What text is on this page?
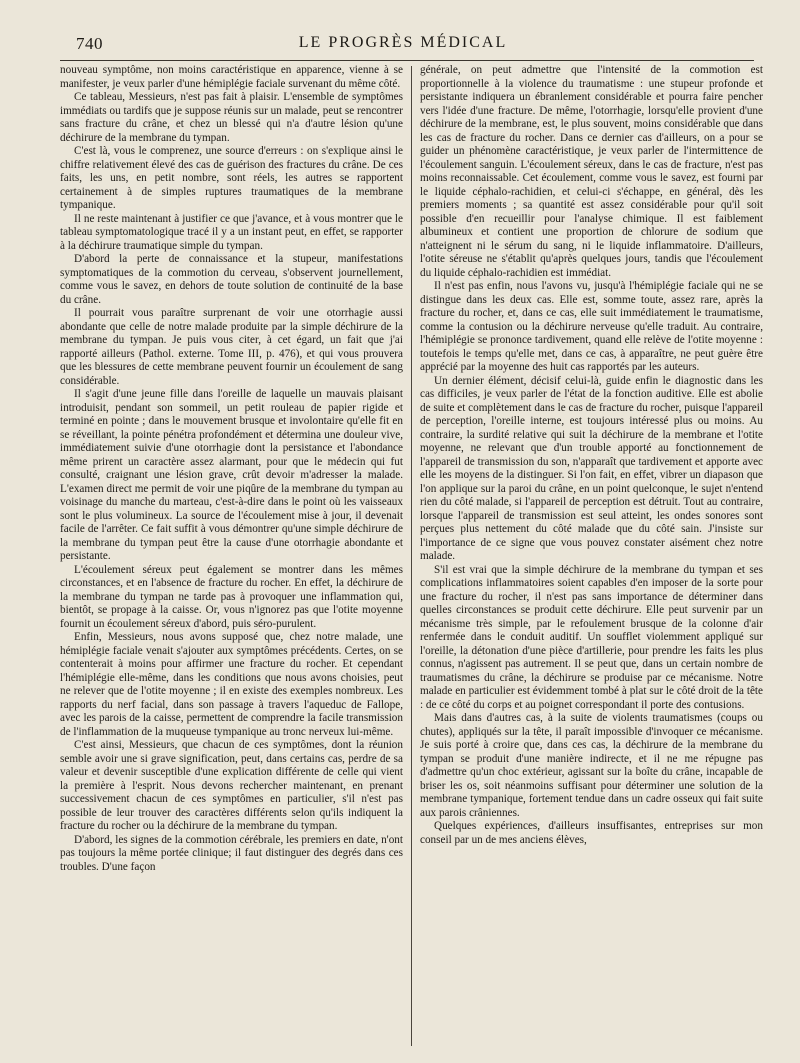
740	LE PROGRÈS MÉDICAL

nouveau symptôme, non moins caractéristique en apparence, vienne à se manifester, je veux parler d'une hémiplégie faciale survenant du même côté.

Ce tableau, Messieurs, n'est pas fait à plaisir. L'ensemble de symptômes immédiats ou tardifs que je suppose réunis sur un malade, peut se rencontrer sans fracture du crâne, et chez un blessé qui n'a d'autre lésion qu'une déchirure de la membrane du tympan.

C'est là, vous le comprenez, une source d'erreurs : on s'explique ainsi le chiffre relativement élevé des cas de guérison des fractures du crâne. De ces faits, les uns, en petit nombre, sont réels, les autres se rapportent certainement à de simples ruptures traumatiques de la membrane tympanique.

Il ne reste maintenant à justifier ce que j'avance, et à vous montrer que le tableau symptomatologique tracé il y a un instant peut, en effet, se rapporter à la déchirure traumatique simple du tympan.

D'abord la perte de connaissance et la stupeur, manifestations symptomatiques de la commotion du cerveau, s'observent journellement, comme vous le savez, en dehors de toute solution de continuité de la base du crâne.

Il pourrait vous paraître surprenant de voir une otorrhagie aussi abondante que celle de notre malade produite par la simple déchirure de la membrane du tympan. Je puis vous citer, à cet égard, un fait que j'ai rapporté ailleurs (Pathol. externe. Tome III, p. 476), et qui vous prouvera que les blessures de cette membrane peuvent fournir un écoulement de sang considérable.

Il s'agit d'une jeune fille dans l'oreille de laquelle un mauvais plaisant introduisit, pendant son sommeil, un petit rouleau de papier rigide et terminé en pointe ; dans le mouvement brusque et involontaire qu'elle fit en se réveillant, la pointe pénétra profondément et détermina une douleur vive, immédiatement suivie d'une otorrhagie dont la persistance et l'abondance même prirent un caractère assez alarmant, pour que le médecin qui fut consulté, craignant une lésion grave, crût devoir m'adresser la malade. L'examen direct me permit de voir une piqûre de la membrane du tympan au voisinage du manche du marteau, c'est-à-dire dans le point où les vaisseaux sont le plus volumineux. La source de l'écoulement mise à jour, il devenait facile de l'arrêter. Ce fait suffit à vous démontrer qu'une simple déchirure de la membrane du tympan peut être la cause d'une otorrhagie abondante et persistante.

L'écoulement séreux peut également se montrer dans les mêmes circonstances, et en l'absence de fracture du rocher. En effet, la déchirure de la membrane du tympan ne tarde pas à provoquer une inflammation qui, bientôt, se propage à la caisse. Or, vous n'ignorez pas que l'otite moyenne fournit un écoulement séreux d'abord, puis séro-purulent.

Enfin, Messieurs, nous avons supposé que, chez notre malade, une hémiplégie faciale venait s'ajouter aux symptômes précédents. Certes, on se contenterait à moins pour affirmer une fracture du rocher. Et cependant l'hémiplégie elle-même, dans les conditions que nous avons choisies, peut ne relever que de l'otite moyenne ; il en existe des exemples nombreux. Les rapports du nerf facial, dans son passage à travers l'aqueduc de Fallope, avec les parois de la caisse, permettent de comprendre la facile transmission de l'inflammation de la muqueuse tympanique au tronc nerveux lui-même.

C'est ainsi, Messieurs, que chacun de ces symptômes, dont la réunion semble avoir une si grave signification, peut, dans certains cas, perdre de sa valeur et devenir susceptible d'une explication différente de celle qui vient la première à l'esprit. Nous devons rechercher maintenant, en prenant successivement chacun de ces symptômes en particulier, s'il n'est pas possible de leur trouver des caractères différents selon qu'ils indiquent la fracture du rocher ou la déchirure de la membrane du tympan.

D'abord, les signes de la commotion cérébrale, les premiers en date, n'ont pas toujours la même portée clinique; il faut distinguer des degrés dans ces troubles. D'une façon

générale, on peut admettre que l'intensité de la commotion est proportionnelle à la violence du traumatisme : une stupeur profonde et persistante indiquera un ébranlement considérable et pourra faire pencher vers l'idée d'une fracture. De même, l'otorrhagie, lorsqu'elle provient d'une déchirure de la membrane, est, le plus souvent, moins considérable que dans les cas de fracture du rocher. Dans ce dernier cas d'ailleurs, on a pour se guider un phénomène caractéristique, je veux parler de l'intermittence de l'écoulement sanguin. L'écoulement séreux, dans le cas de fracture, n'est pas moins reconnaissable. Cet écoulement, comme vous le savez, est fourni par le liquide céphalo-rachidien, et celui-ci s'échappe, en général, dès les premiers moments ; sa quantité est assez considérable pour qu'il soit possible d'en recueillir pour l'analyse chimique. Il est faiblement albumineux et contient une proportion de chlorure de sodium que n'atteignent ni le sérum du sang, ni le liquide inflammatoire. D'ailleurs, l'otite séreuse ne s'établit qu'après quelques jours, tandis que l'écoulement du liquide céphalo-rachidien est immédiat.

Il n'est pas enfin, nous l'avons vu, jusqu'à l'hémiplégie faciale qui ne se distingue dans les deux cas. Elle est, somme toute, assez rare, après la fracture du rocher, et, dans ce cas, elle suit immédiatement le traumatisme, comme la contusion ou la déchirure nerveuse qu'elle traduit. Au contraire, l'hémiplégie se prononce tardivement, quand elle relève de l'otite moyenne : toutefois le temps qu'elle met, dans ce cas, à apparaître, ne peut guère être apprécié par la moyenne des huit cas rapportés par les auteurs.

Un dernier élément, décisif celui-là, guide enfin le diagnostic dans les cas difficiles, je veux parler de l'état de la fonction auditive. Elle est abolie de suite et complètement dans le cas de fracture du rocher, puisque l'appareil de perception, l'oreille interne, est toujours intéressé plus ou moins. Au contraire, la surdité relative qui suit la déchirure de la membrane et l'otite moyenne, ne relevant que d'un trouble apporté au fonctionnement de l'appareil de transmission du son, n'apparaît que tardivement et apporte avec elle les moyens de la distinguer. Si l'on fait, en effet, vibrer un diapason que l'on applique sur la paroi du crâne, en un point quelconque, le sujet n'entend rien du côté malade, si l'appareil de perception est détruit. Tout au contraire, lorsque l'appareil de transmission est seul atteint, les ondes sonores sont perçues plus nettement du côté malade que du côté sain. J'insiste sur l'importance de ce signe que vous pouvez constater aisément chez notre malade.

S'il est vrai que la simple déchirure de la membrane du tympan et ses complications inflammatoires soient capables d'en imposer de la sorte pour une fracture du rocher, il n'est pas sans importance de déterminer dans quelles circonstances se produit cette déchirure. Elle peut survenir par un mécanisme très simple, par le refoulement brusque de la colonne d'air renfermée dans le conduit auditif. Un soufflet violemment appliqué sur l'oreille, la détonation d'une pièce d'artillerie, pour prendre les faits les plus connus, n'agissent pas autrement. Il se peut que, dans un certain nombre de traumatismes du crâne, la déchirure se produise par ce mécanisme. Notre malade en particulier est évidemment tombé à plat sur le côté droit de la tête : de ce côté du corps et au poignet correspondant il porte des contusions.

Mais dans d'autres cas, à la suite de violents traumatismes (coups ou chutes), appliqués sur la tête, il paraît impossible d'invoquer ce mécanisme. Je suis porté à croire que, dans ces cas, la déchirure de la membrane du tympan se produit d'une manière indirecte, et il ne me répugne pas d'admettre qu'un choc extérieur, agissant sur la boîte du crâne, incapable de briser les os, soit néanmoins suffisant pour déterminer une solution de la membrane tympanique, fortement tendue dans un cadre osseux qui fait suite aux parois crâniennes.

Quelques expériences, d'ailleurs insuffisantes, entreprises sur mon conseil par un de mes anciens élèves,
